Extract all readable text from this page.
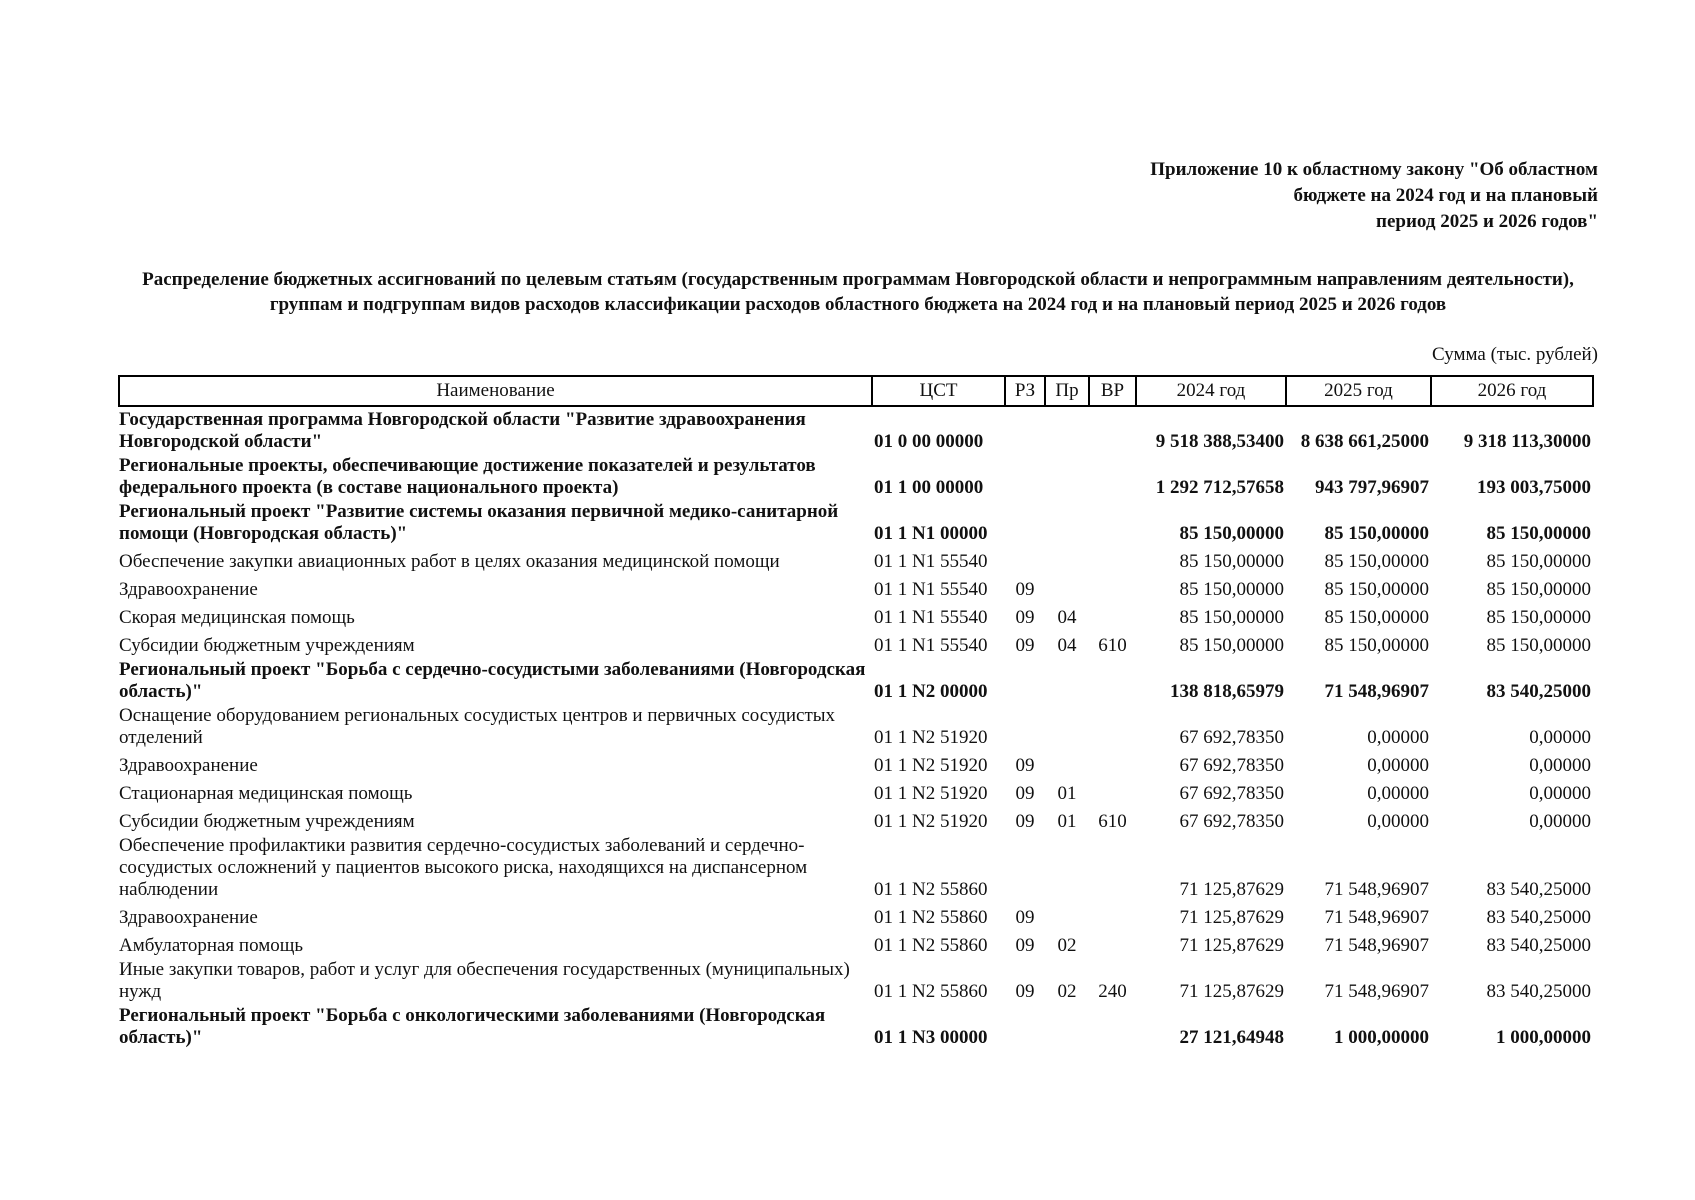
Приложение 10 к областному закону "Об областном
бюджете на 2024 год и на плановый
период 2025 и 2026 годов"
Распределение бюджетных ассигнований по целевым статьям (государственным программам Новгородской области и непрограммным направлениям деятельности), группам и подгруппам видов расходов классификации расходов областного бюджета на 2024 год и на плановый период 2025 и 2026 годов
Сумма (тыс. рублей)
Наименование	ЦСТ	РЗ	Пр	ВР	2024 год	2025 год	2026 год
Государственная программа Новгородской области "Развитие здравоохранения Новгородской области"	01 0 00 00000				9 518 388,53400	8 638 661,25000	9 318 113,30000
Региональные проекты, обеспечивающие достижение показателей и результатов федерального проекта (в составе национального проекта)	01 1 00 00000				1 292 712,57658	943 797,96907	193 003,75000
Региональный проект "Развитие системы оказания первичной медико-санитарной помощи (Новгородская область)"	01 1 N1 00000				85 150,00000	85 150,00000	85 150,00000
Обеспечение закупки авиационных работ в целях оказания медицинской помощи	01 1 N1 55540				85 150,00000	85 150,00000	85 150,00000
Здравоохранение	01 1 N1 55540	09			85 150,00000	85 150,00000	85 150,00000
Скорая медицинская помощь	01 1 N1 55540	09	04		85 150,00000	85 150,00000	85 150,00000
Субсидии бюджетным учреждениям	01 1 N1 55540	09	04	610	85 150,00000	85 150,00000	85 150,00000
Региональный проект "Борьба с сердечно-сосудистыми заболеваниями (Новгородская область)"	01 1 N2 00000				138 818,65979	71 548,96907	83 540,25000
Оснащение оборудованием региональных сосудистых центров и первичных сосудистых отделений	01 1 N2 51920				67 692,78350	0,00000	0,00000
Здравоохранение	01 1 N2 51920	09			67 692,78350	0,00000	0,00000
Стационарная медицинская помощь	01 1 N2 51920	09	01		67 692,78350	0,00000	0,00000
Субсидии бюджетным учреждениям	01 1 N2 51920	09	01	610	67 692,78350	0,00000	0,00000
Обеспечение профилактики развития сердечно-сосудистых заболеваний и сердечно-сосудистых осложнений у пациентов высокого риска, находящихся на диспансерном наблюдении	01 1 N2 55860				71 125,87629	71 548,96907	83 540,25000
Здравоохранение	01 1 N2 55860	09			71 125,87629	71 548,96907	83 540,25000
Амбулаторная помощь	01 1 N2 55860	09	02		71 125,87629	71 548,96907	83 540,25000
Иные закупки товаров, работ и услуг для обеспечения государственных (муниципальных) нужд	01 1 N2 55860	09	02	240	71 125,87629	71 548,96907	83 540,25000
Региональный проект "Борьба с онкологическими заболеваниями (Новгородская область)"	01 1 N3 00000				27 121,64948	1 000,00000	1 000,00000
